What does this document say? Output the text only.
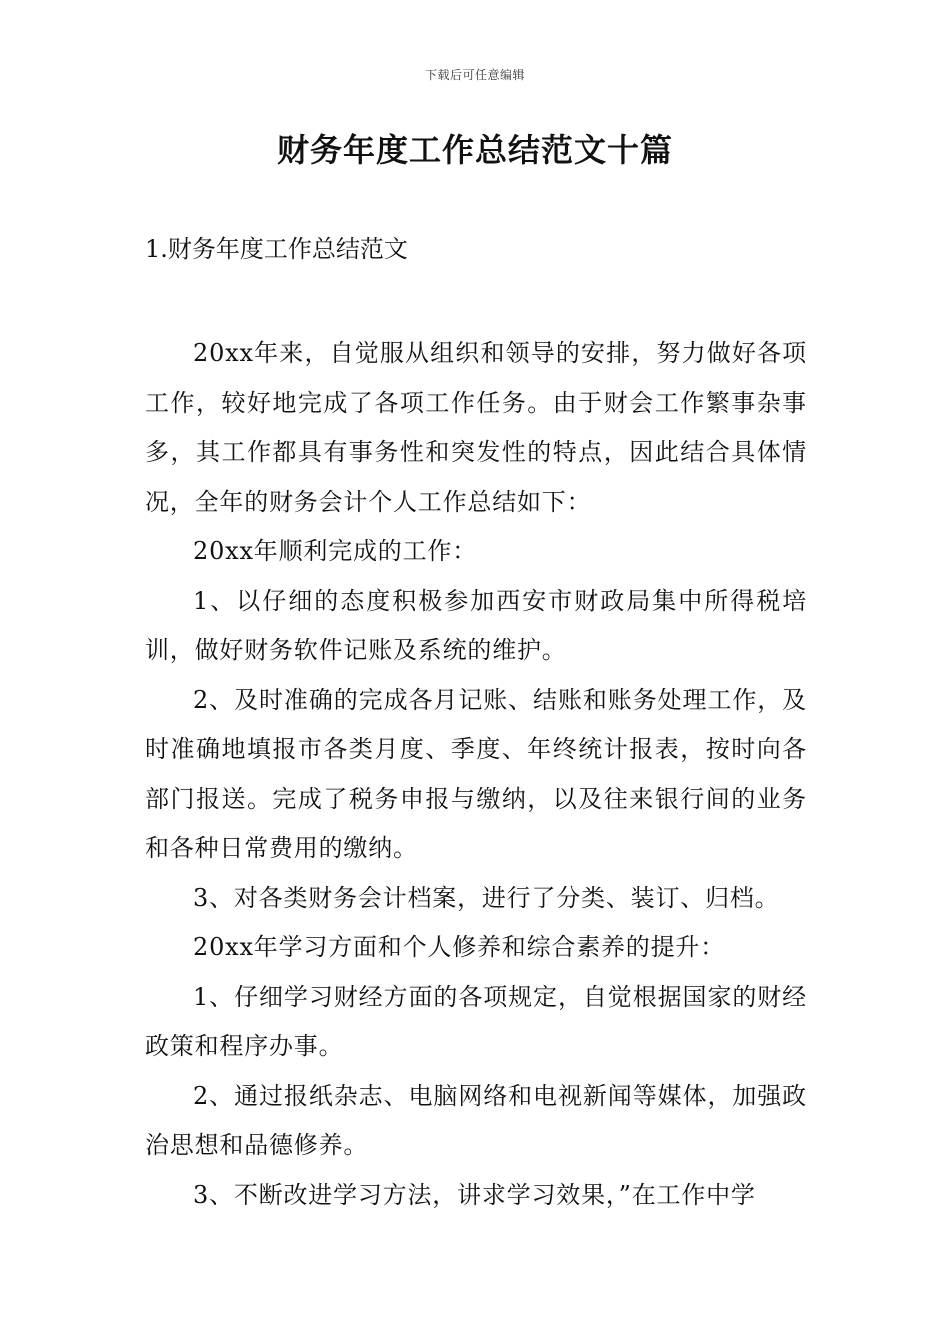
下载后可任意编辑
财务年度工作总结范文十篇
1.财务年度工作总结范文

20xx年来，自觉服从组织和领导的安排，努力做好各项工作，较好地完成了各项工作任务。由于财会工作繁事杂事多，其工作都具有事务性和突发性的特点，因此结合具体情况，全年的财务会计个人工作总结如下：

20xx年顺利完成的工作：

1、以仔细的态度积极参加西安市财政局集中所得税培训，做好财务软件记账及系统的维护。

2、及时准确的完成各月记账、结账和账务处理工作，及时准确地填报市各类月度、季度、年终统计报表，按时向各部门报送。完成了税务申报与缴纳，以及往来银行间的业务和各种日常费用的缴纳。

3、对各类财务会计档案，进行了分类、装订、归档。

20xx年学习方面和个人修养和综合素养的提升：

1、仔细学习财经方面的各项规定，自觉根据国家的财经政策和程序办事。

2、通过报纸杂志、电脑网络和电视新闻等媒体，加强政治思想和品德修养。

3、不断改进学习方法，讲求学习效果，”在工作中学
